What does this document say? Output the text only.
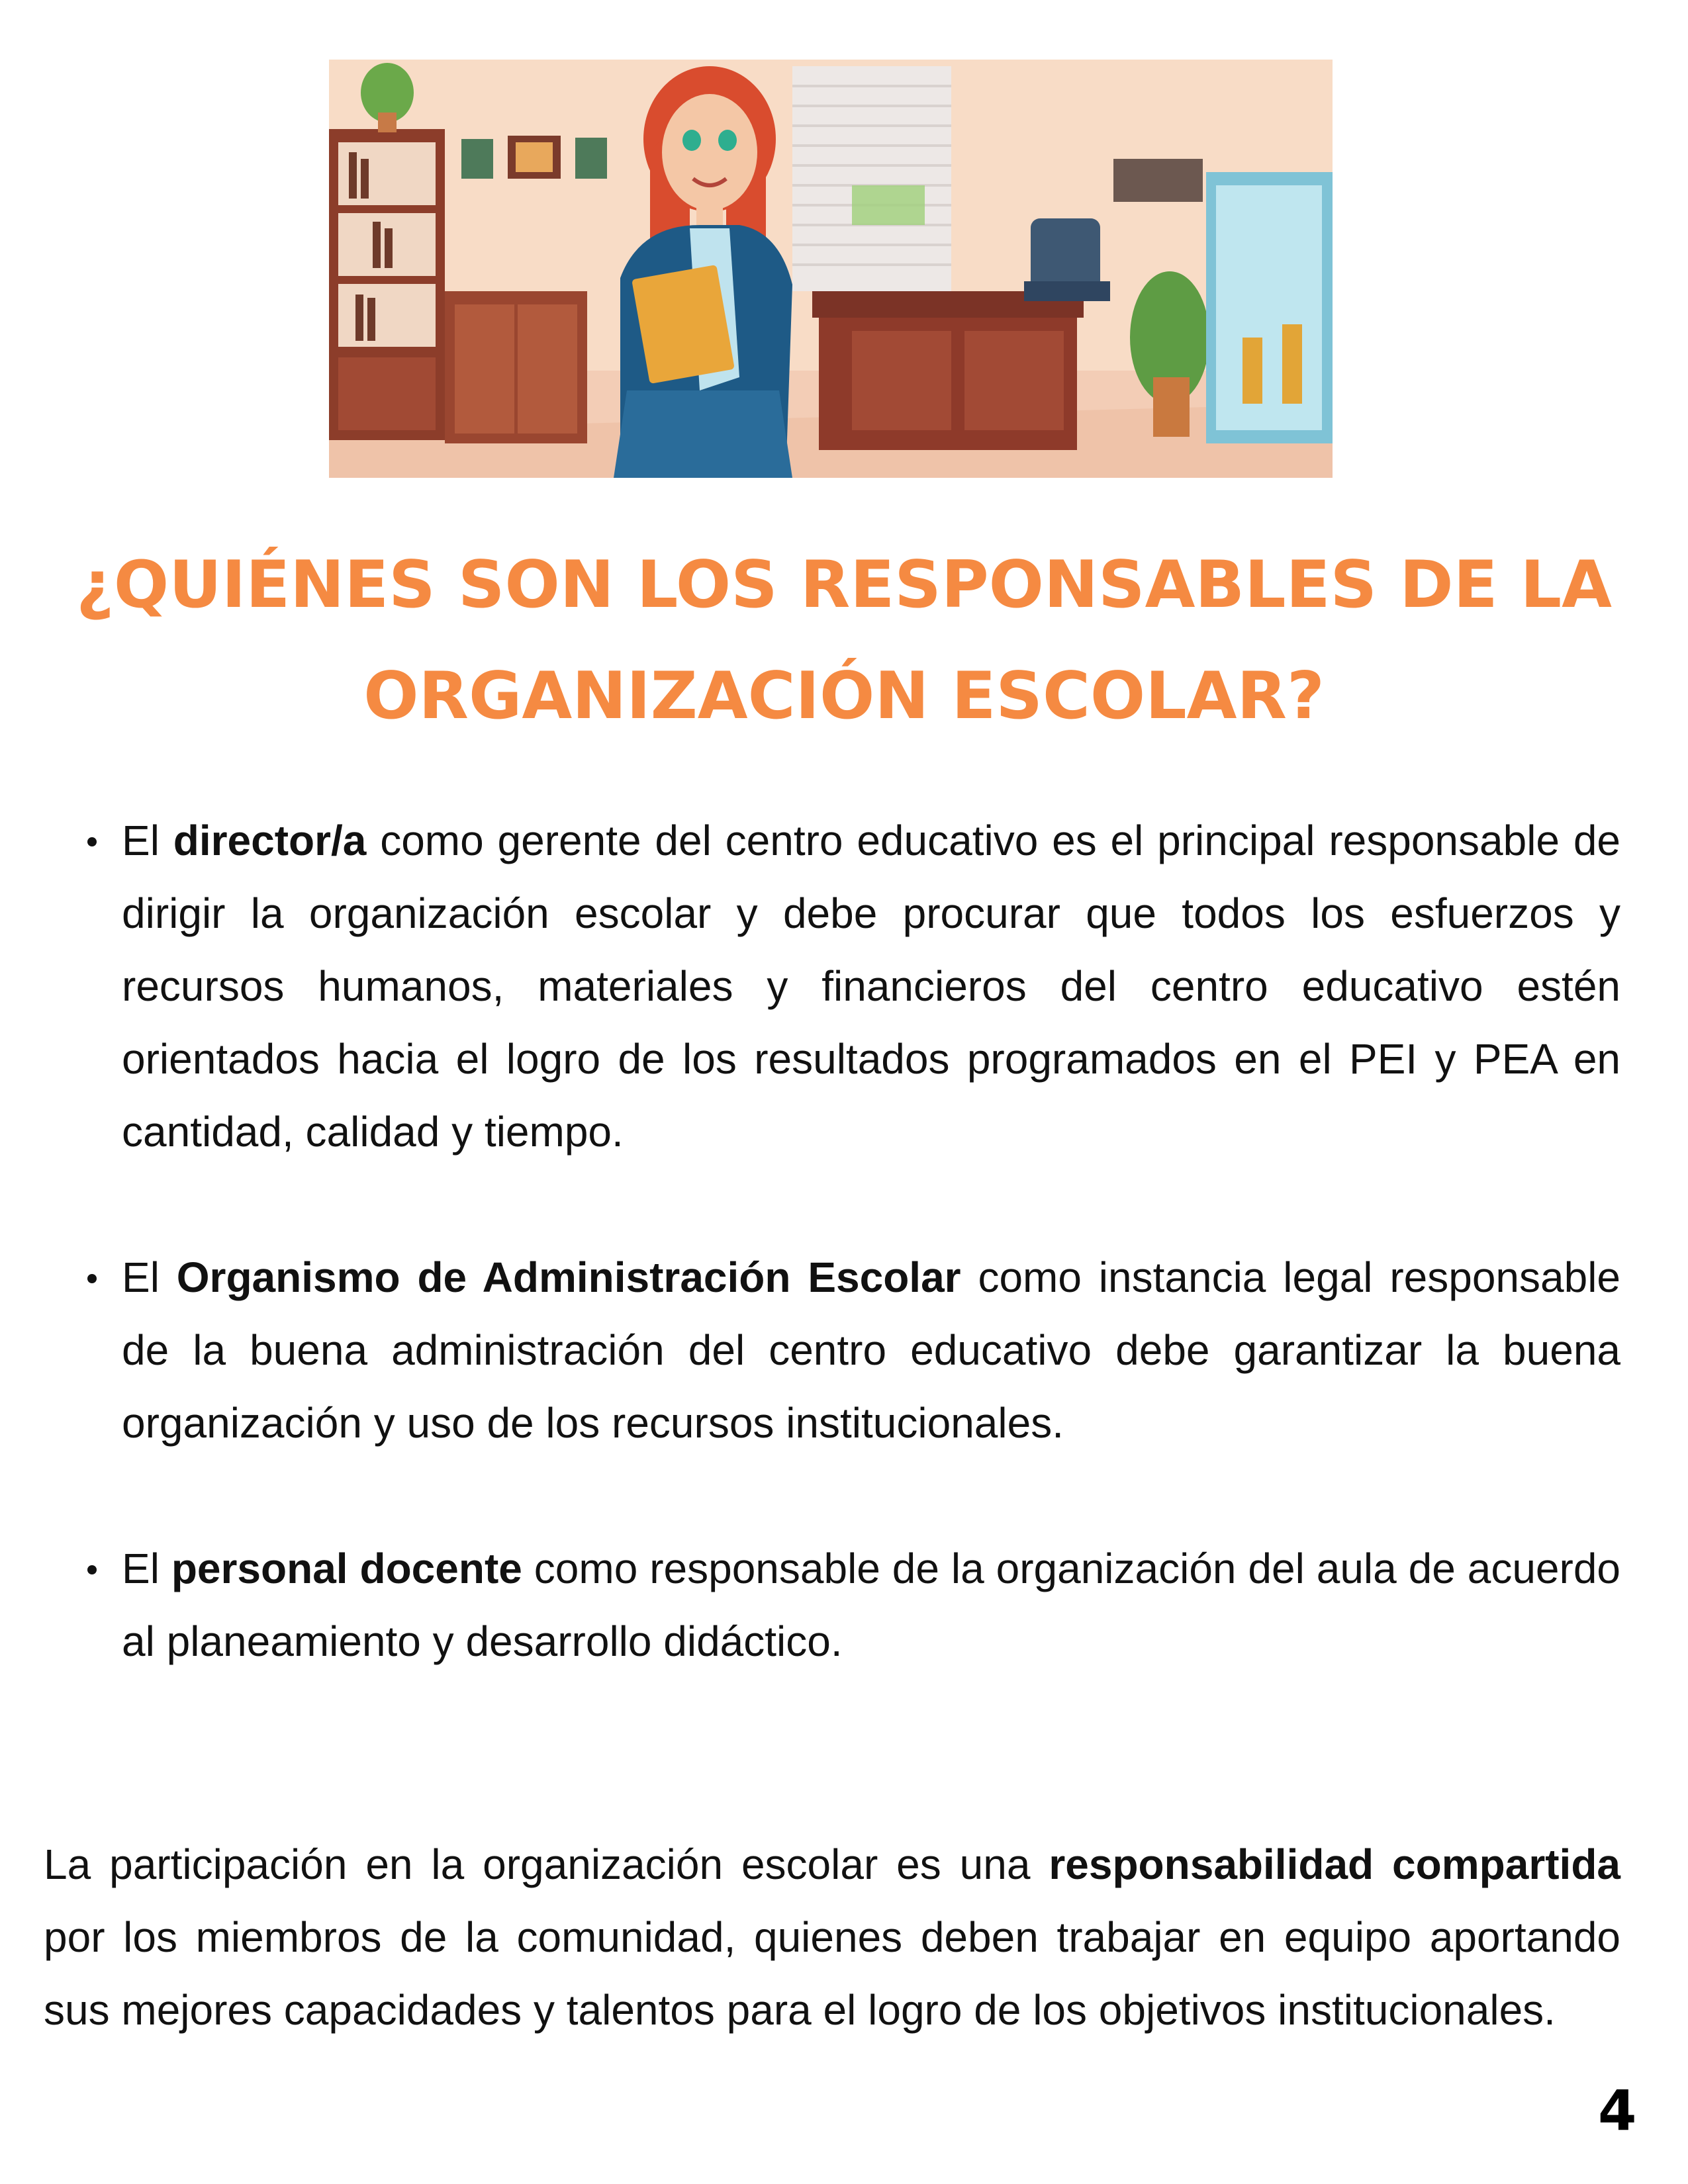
¿QUIÉNES SON LOS RESPONSABLES DE LA
ORGANIZACIÓN ESCOLAR?

El director/a como gerente del centro educativo es el principal responsable de dirigir la organización escolar y debe procurar que todos los esfuerzos y recursos humanos, materiales y financieros del centro educativo estén orientados hacia el logro de los resultados programados en el PEI y PEA en cantidad, calidad y tiempo.

El Organismo de Administración Escolar como instancia legal responsable de la buena administración del centro educativo debe garantizar la buena organización y uso de los recursos institucionales.

El personal docente como responsable de la organización del aula de acuerdo al planeamiento y desarrollo didáctico.

La participación en la organización escolar es una responsabilidad compartida por los miembros de la comunidad, quienes deben trabajar en equipo aportando sus mejores capacidades y talentos para el logro de los objetivos institucionales.

4
